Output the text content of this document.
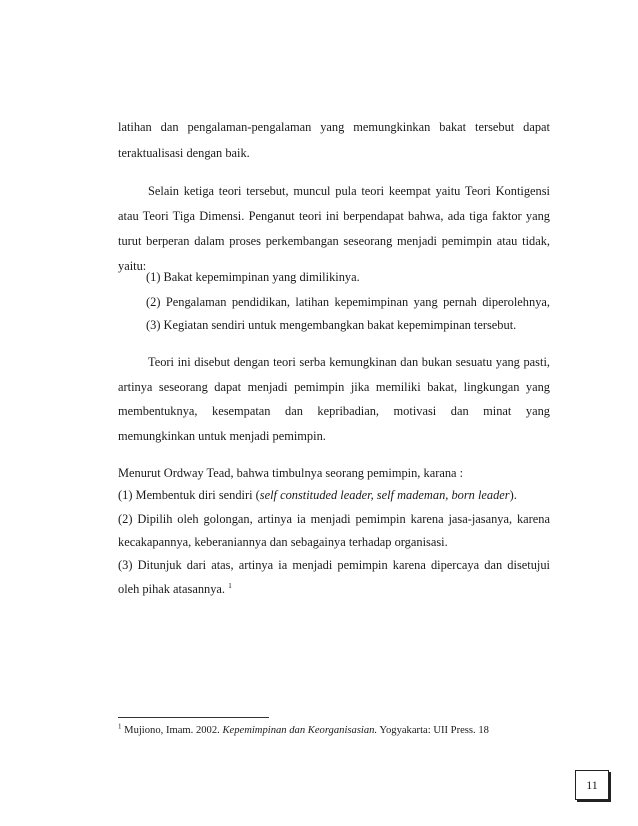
latihan dan pengalaman-pengalaman yang memungkinkan bakat tersebut dapat

teraktualisasi dengan baik.

Selain ketiga teori tersebut, muncul pula teori keempat yaitu Teori Kontigensi

atau Teori Tiga Dimensi. Penganut teori ini berpendapat bahwa, ada tiga faktor yang

turut berperan dalam proses perkembangan seseorang menjadi pemimpin atau tidak,

yaitu:

(1) Bakat kepemimpinan yang dimilikinya.

(2) Pengalaman pendidikan, latihan kepemimpinan yang pernah diperolehnya,

(3) Kegiatan sendiri untuk mengembangkan bakat kepemimpinan tersebut.

Teori ini disebut dengan teori serba kemungkinan dan bukan sesuatu yang pasti,

artinya seseorang dapat menjadi pemimpin jika memiliki bakat, lingkungan yang

membentuknya, kesempatan dan kepribadian, motivasi dan minat yang

memungkinkan untuk menjadi pemimpin.

Menurut Ordway Tead, bahwa timbulnya seorang pemimpin, karana :

(1) Membentuk diri sendiri (self constituded leader, self mademan, born leader).

(2) Dipilih oleh golongan, artinya ia menjadi pemimpin karena jasa-jasanya, karena

kecakapannya, keberaniannya dan sebagainya terhadap organisasi.

(3) Ditunjuk dari atas, artinya ia menjadi pemimpin karena dipercaya dan disetujui

oleh pihak atasannya. $^1$

$^1$ Mujiono, Imam. 2002. Kepemimpinan dan Keorganisasian. Yogyakarta: UII Press. 18

11
